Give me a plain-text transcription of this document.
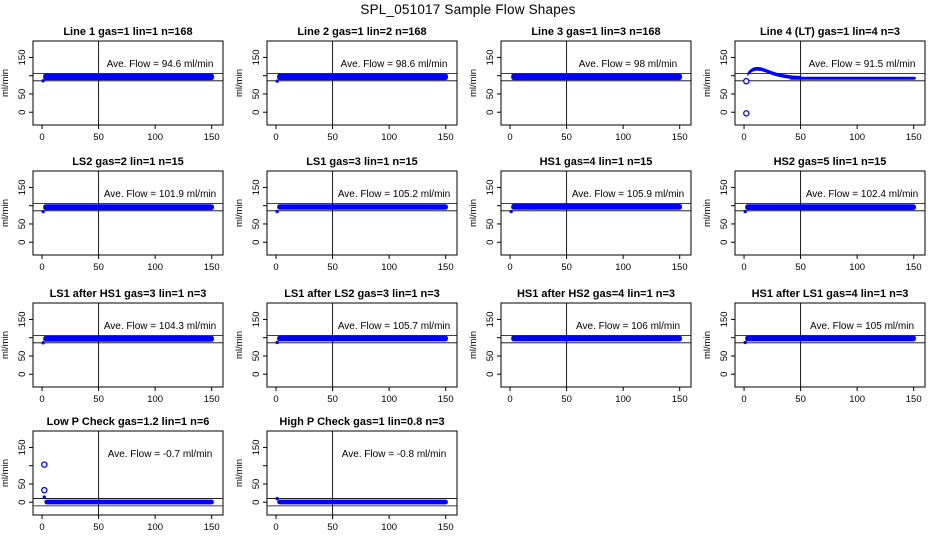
SPL_051017 Sample Flow Shapes
Line 1 gas=1 lin=1 n=168
150
50
0
0	50	100	150
ml/min
Ave. Flow = 94.6 ml/min
Line 2 gas=1 lin=2 n=168
150
50
0
0	50	100	150
ml/min
Ave. Flow = 98.6 ml/min
Line 3 gas=1 lin=3 n=168
150
50
0
0	50	100	150
ml/min
Ave. Flow = 98 ml/min
Line 4 (LT) gas=1 lin=4 n=3
150
50
0
0	50	100	150
ml/min
Ave. Flow = 91.5 ml/min
LS2 gas=2 lin=1 n=15
150
50
0
0	50	100	150
ml/min
Ave. Flow = 101.9 ml/min
LS1 gas=3 lin=1 n=15
150
50
0
0	50	100	150
ml/min
Ave. Flow = 105.2 ml/min
HS1 gas=4 lin=1 n=15
150
50
0
0	50	100	150
ml/min
Ave. Flow = 105.9 ml/min
HS2 gas=5 lin=1 n=15
150
50
0
0	50	100	150
ml/min
Ave. Flow = 102.4 ml/min
LS1 after HS1 gas=3 lin=1 n=3
150
50
0
0	50	100	150
ml/min
Ave. Flow = 104.3 ml/min
LS1 after LS2 gas=3 lin=1 n=3
150
50
0
0	50	100	150
ml/min
Ave. Flow = 105.7 ml/min
HS1 after HS2 gas=4 lin=1 n=3
150
50
0
0	50	100	150
ml/min
Ave. Flow = 106 ml/min
HS1 after LS1 gas=4 lin=1 n=3
150
50
0
0	50	100	150
ml/min
Ave. Flow = 105 ml/min
Low P Check gas=1.2 lin=1 n=6
150
50
0
0	50	100	150
ml/min
Ave. Flow = -0.7 ml/min
High P Check gas=1 lin=0.8 n=3
150
50
0
0	50	100	150
ml/min
Ave. Flow = -0.8 ml/min
